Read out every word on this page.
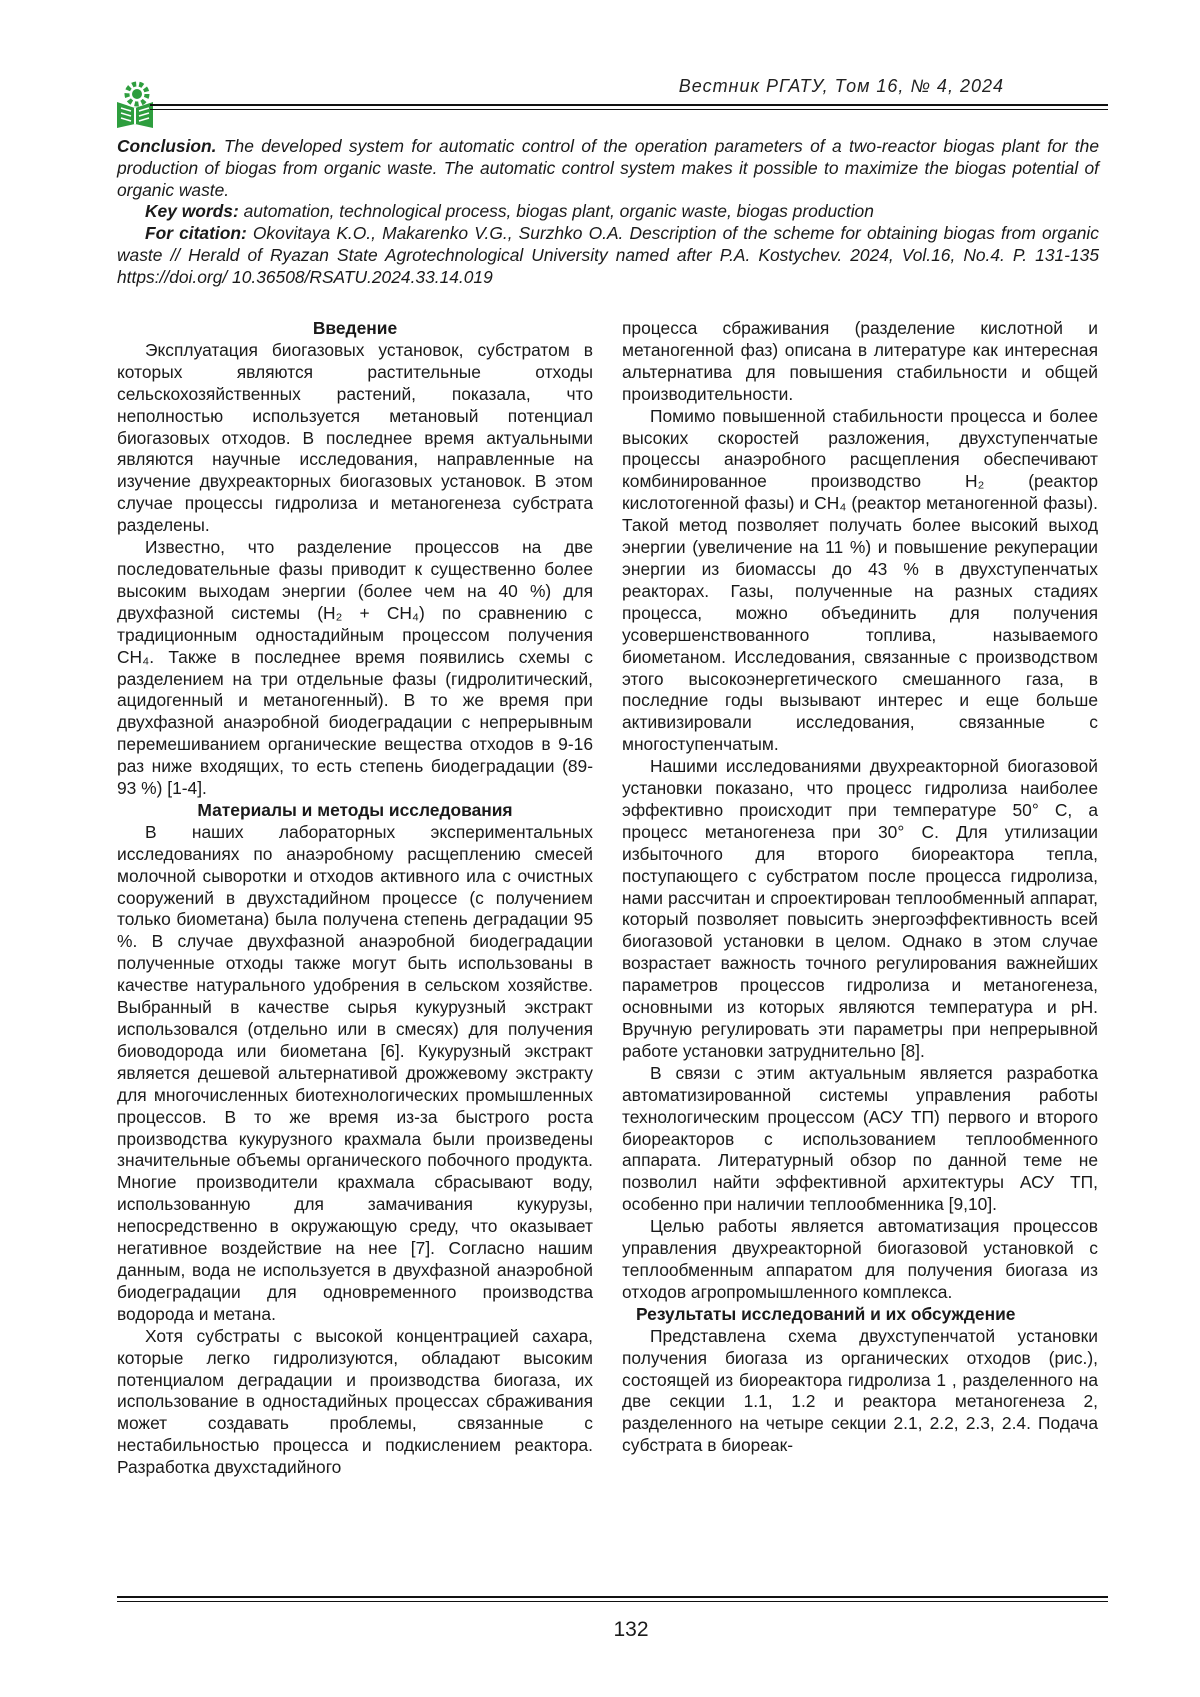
Вестник РГАТУ, Том 16, № 4, 2024

Conclusion. The developed system for automatic control of the operation parameters of a two-reactor biogas plant for the production of biogas from organic waste. The automatic control system makes it possible to maximize the biogas potential of organic waste.

Key words: automation, technological process, biogas plant, organic waste, biogas production

For citation: Okovitaya K.O., Makarenko V.G., Surzhko O.A. Description of the scheme for obtaining biogas from organic waste // Herald of Ryazan State Agrotechnological University named after P.A. Kostychev. 2024, Vol.16, No.4. P. 131-135 https://doi.org/ 10.36508/RSATU.2024.33.14.019

Введение

Эксплуатация биогазовых установок, субстратом в которых являются растительные отходы сельскохозяйственных растений, показала, что неполностью используется метановый потенциал биогазовых отходов. В последнее время актуальными являются научные исследования, направленные на изучение двухреакторных биогазовых установок. В этом случае процессы гидролиза и метаногенеза субстрата разделены.

Известно, что разделение процессов на две последовательные фазы приводит к существенно более высоким выходам энергии (более чем на 40 %) для двухфазной системы (H₂ + CH₄) по сравнению с традиционным одностадийным процессом получения CH₄. Также в последнее время появились схемы с разделением на три отдельные фазы (гидролитический, ацидогенный и метаногенный). В то же время при двухфазной анаэробной биодеградации с непрерывным перемешиванием органические вещества отходов в 9-16 раз ниже входящих, то есть степень биодеградации (89-93 %) [1-4].

Материалы и методы исследования

В наших лабораторных экспериментальных исследованиях по анаэробному расщеплению смесей молочной сыворотки и отходов активного ила с очистных сооружений в двухстадийном процессе (с получением только биометана) была получена степень деградации 95 %. В случае двухфазной анаэробной биодеградации полученные отходы также могут быть использованы в качестве натурального удобрения в сельском хозяйстве. Выбранный в качестве сырья кукурузный экстракт использовался (отдельно или в смесях) для получения биоводорода или биометана [6]. Кукурузный экстракт является дешевой альтернативой дрожжевому экстракту для многочисленных биотехнологических промышленных процессов. В то же время из-за быстрого роста производства кукурузного крахмала были произведены значительные объемы органического побочного продукта. Многие производители крахмала сбрасывают воду, использованную для замачивания кукурузы, непосредственно в окружающую среду, что оказывает негативное воздействие на нее [7]. Согласно нашим данным, вода не используется в двухфазной анаэробной биодеградации для одновременного производства водорода и метана.

Хотя субстраты с высокой концентрацией сахара, которые легко гидролизуются, обладают высоким потенциалом деградации и производства биогаза, их использование в одностадийных процессах сбраживания может создавать проблемы, связанные с нестабильностью процесса и подкислением реактора. Разработка двухстадийного

процесса сбраживания (разделение кислотной и метаногенной фаз) описана в литературе как интересная альтернатива для повышения стабильности и общей производительности.

Помимо повышенной стабильности процесса и более высоких скоростей разложения, двухступенчатые процессы анаэробного расщепления обеспечивают комбинированное производство H₂ (реактор кислотогенной фазы) и CH₄ (реактор метаногенной фазы). Такой метод позволяет получать более высокий выход энергии (увеличение на 11 %) и повышение рекуперации энергии из биомассы до 43 % в двухступенчатых реакторах. Газы, полученные на разных стадиях процесса, можно объединить для получения усовершенствованного топлива, называемого биометаном. Исследования, связанные с производством этого высокоэнергетического смешанного газа, в последние годы вызывают интерес и еще больше активизировали исследования, связанные с многоступенчатым.

Нашими исследованиями двухреакторной биогазовой установки показано, что процесс гидролиза наиболее эффективно происходит при температуре 50° С, а процесс метаногенеза при 30° С. Для утилизации избыточного для второго биореактора тепла, поступающего с субстратом после процесса гидролиза, нами рассчитан и спроектирован теплообменный аппарат, который позволяет повысить энергоэффективность всей биогазовой установки в целом. Однако в этом случае возрастает важность точного регулирования важнейших параметров процессов гидролиза и метаногенеза, основными из которых являются температура и pH. Вручную регулировать эти параметры при непрерывной работе установки затруднительно [8].

В связи с этим актуальным является разработка автоматизированной системы управления работы технологическим процессом (АСУ ТП) первого и второго биореакторов с использованием теплообменного аппарата. Литературный обзор по данной теме не позволил найти эффективной архитектуры АСУ ТП, особенно при наличии теплообменника [9,10].

Целью работы является автоматизация процессов управления двухреакторной биогазовой установкой с теплообменным аппаратом для получения биогаза из отходов агропромышленного комплекса.

Результаты исследований и их обсуждение

Представлена схема двухступенчатой установки получения биогаза из органических отходов (рис.), состоящей из биореактора гидролиза 1 , разделенного на две секции 1.1, 1.2 и реактора метаногенеза 2, разделенного на четыре секции 2.1, 2.2, 2.3, 2.4. Подача субстрата в биореак-

132
